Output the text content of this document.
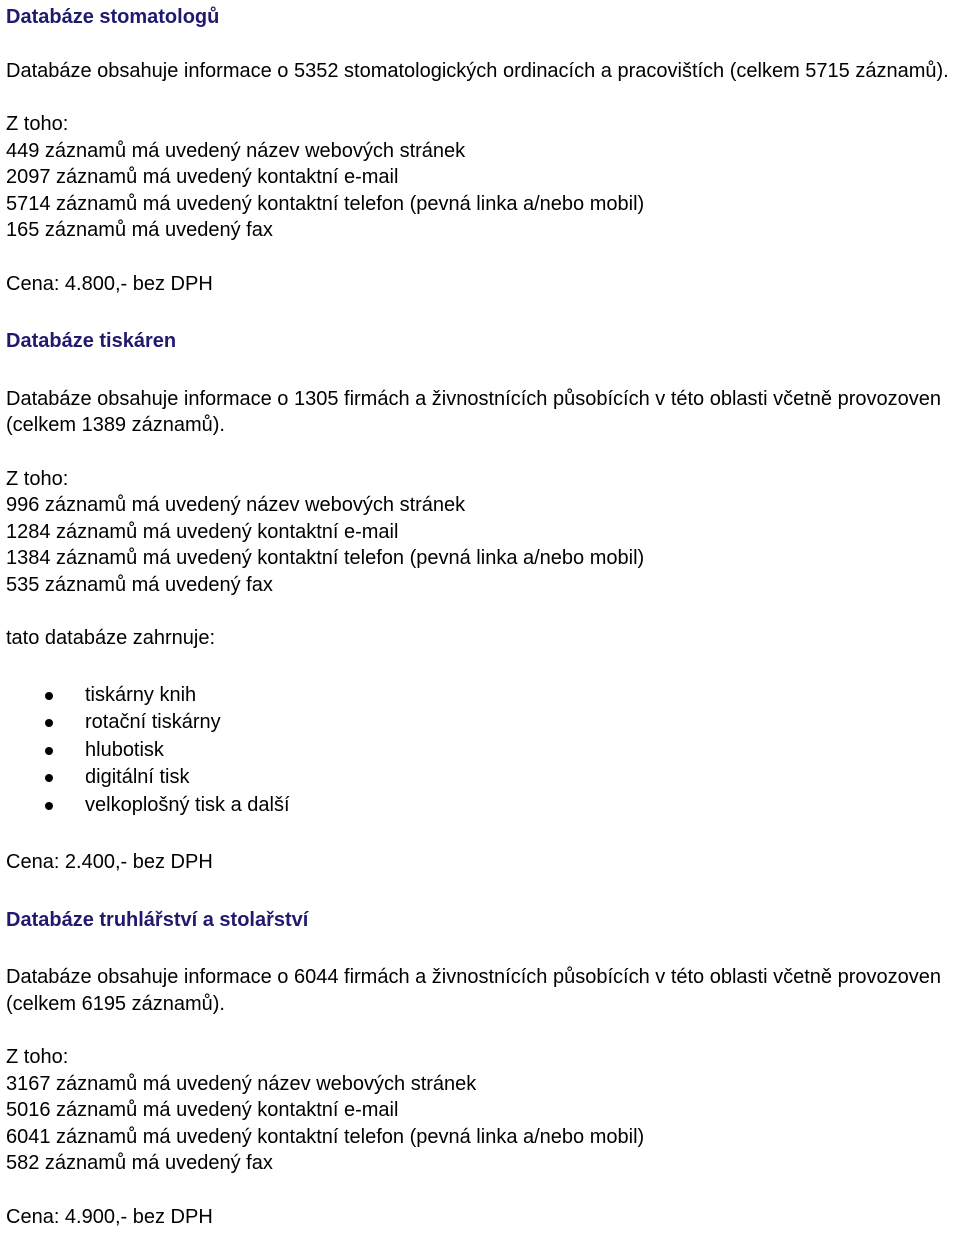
Databáze stomatologů

Databáze obsahuje informace o 5352 stomatologických ordinacích a pracovištích (celkem 5715 záznamů).

Z toho:

449 záznamů má uvedený název webových stránek
2097 záznamů má uvedený kontaktní e-mail
5714 záznamů má uvedený kontaktní telefon (pevná linka a/nebo mobil)
165 záznamů má uvedený fax

Cena: 4.800,- bez DPH

Databáze tiskáren

Databáze obsahuje informace o 1305 firmách a živnostnících působících v této oblasti včetně provozoven (celkem 1389 záznamů).

Z toho:

996 záznamů má uvedený název webových stránek
1284 záznamů má uvedený kontaktní e-mail
1384 záznamů má uvedený kontaktní telefon (pevná linka a/nebo mobil)
535 záznamů má uvedený fax

tato databáze zahrnuje:

tiskárny knih
rotační tiskárny
hlubotisk
digitální tisk
velkoplošný tisk a další

Cena: 2.400,- bez DPH

Databáze truhlářství a stolařství

Databáze obsahuje informace o 6044 firmách a živnostnících působících v této oblasti včetně provozoven (celkem 6195 záznamů).

Z toho:

3167 záznamů má uvedený název webových stránek
5016 záznamů má uvedený kontaktní e-mail
6041 záznamů má uvedený kontaktní telefon (pevná linka a/nebo mobil)
582 záznamů má uvedený fax

Cena: 4.900,- bez DPH
